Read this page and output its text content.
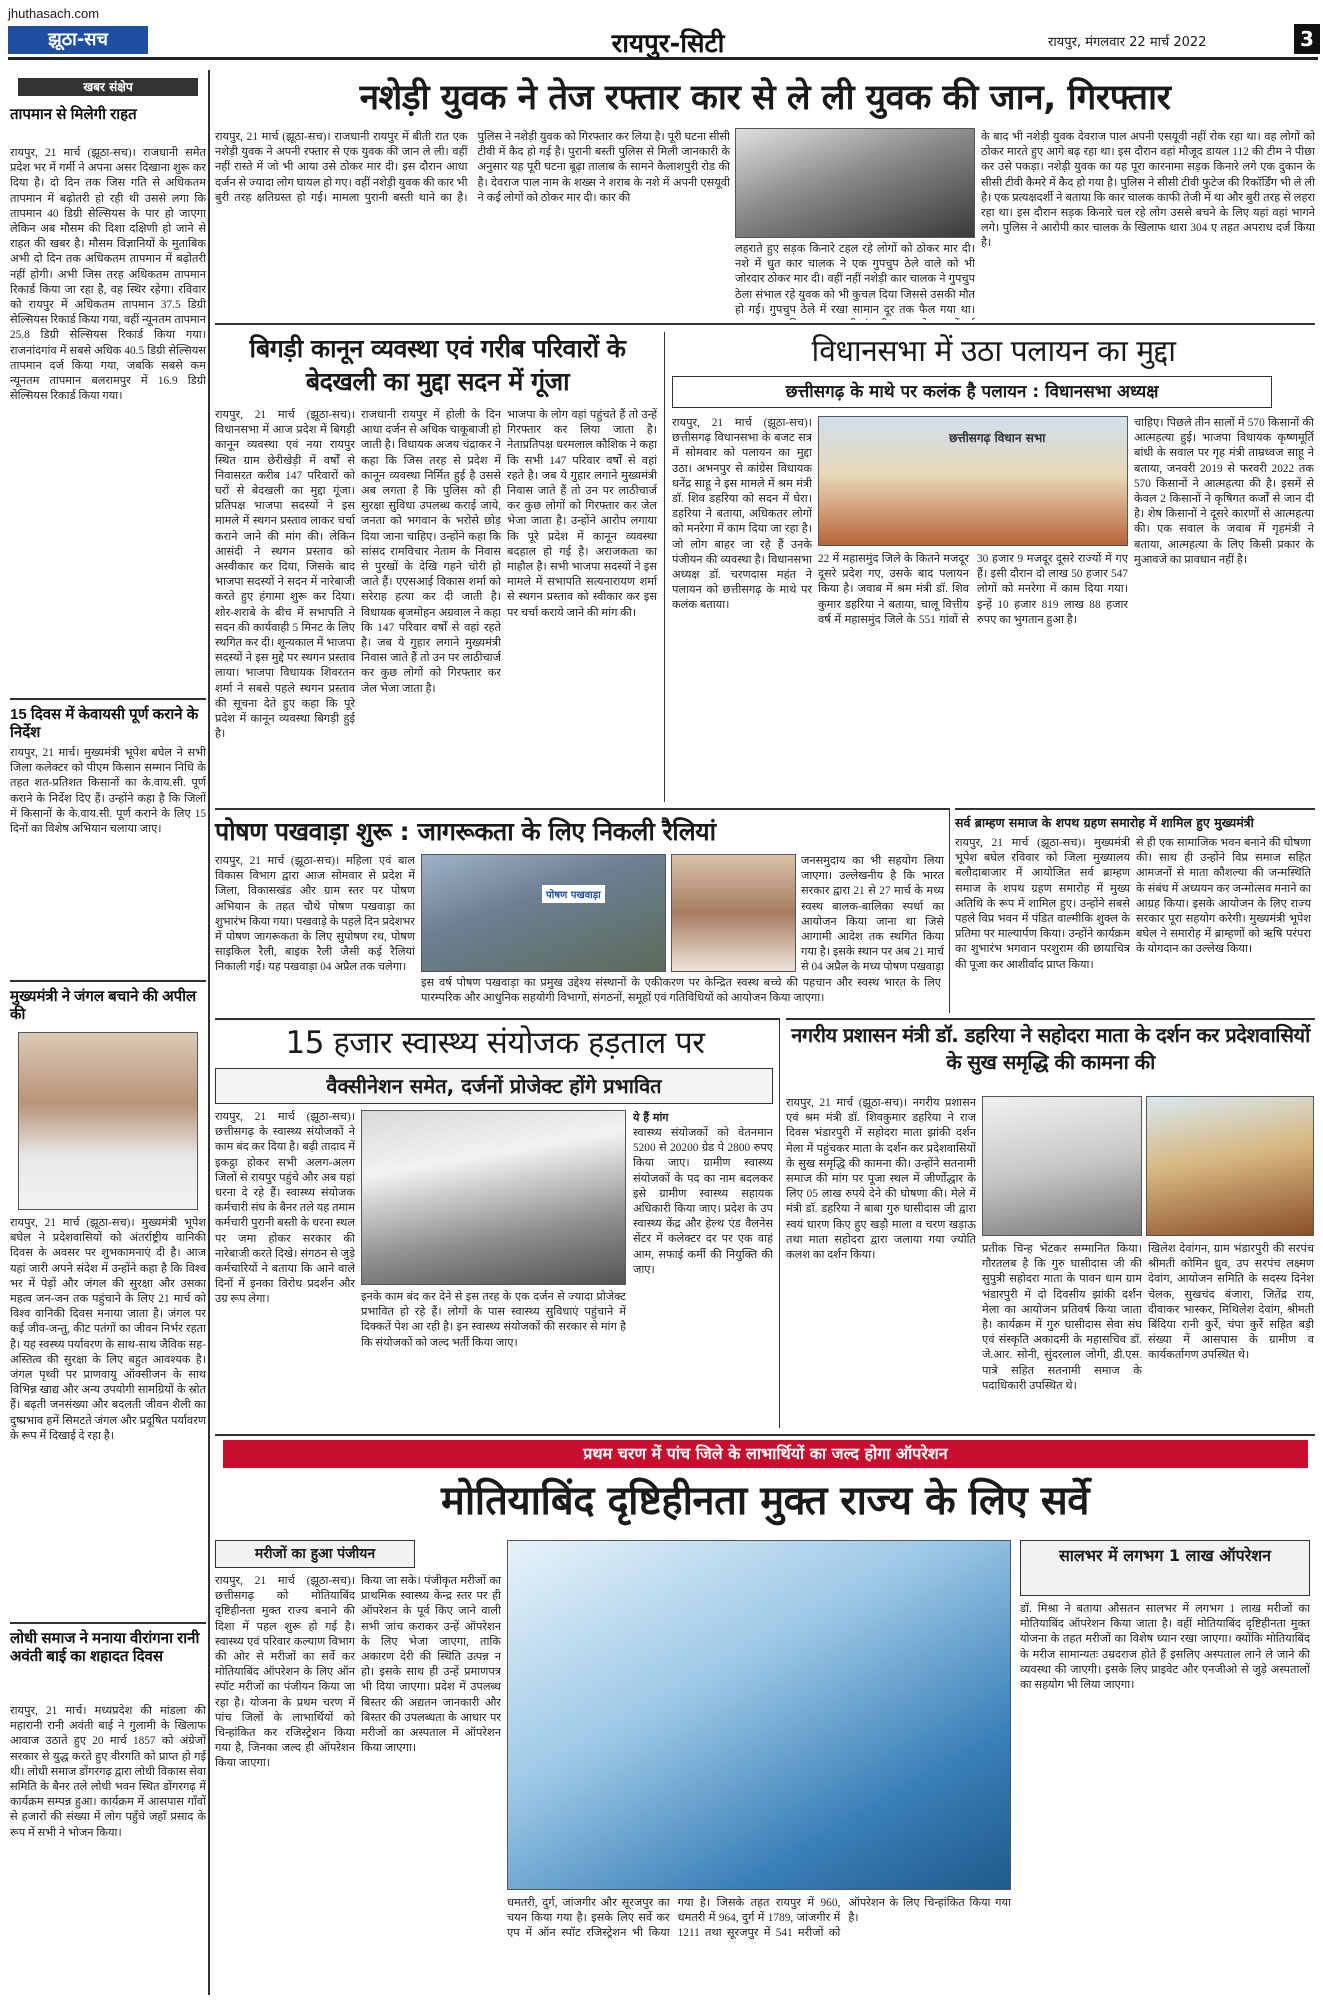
jhuthasach.com
झूठा-सच	रायपुर-सिटी	रायपुर, मंगलवार 22 मार्च 2022	3
खबर संक्षेप
तापमान से मिलेगी राहत
रायपुर, 21 मार्च (झूठा-सच)। राजधानी समेत प्रदेश भर में गर्मी ने अपना असर दिखाना शुरू कर दिया है। दो दिन तक जिस गति से अधिकतम तापमान में बढ़ोतरी हो रही थी उससे लगा कि तापमान 40 डिग्री सेल्सियस के पार हो जाएगा लेकिन अब मौसम की दिशा दक्षिणी हो जाने से राहत की खबर है। मौसम विज्ञानियों के मुताबिक अभी दो दिन तक अधिकतम तापमान में बढ़ोतरी नहीं होगी। अभी जिस तरह अधिकतम तापमान रिकार्ड किया जा रहा है, वह स्थिर रहेगा। रविवार को रायपुर में अधिकतम तापमान 37.5 डिग्री सेल्सियस रिकार्ड किया गया, वहीं न्यूनतम तापमान 25.8 डिग्री सेल्सियस रिकार्ड किया गया। राजनांदगांव में सबसे अधिक 40.5 डिग्री सेल्सियस तापमान दर्ज किया गया, जबकि सबसे कम न्यूनतम तापमान बलरामपुर में 16.9 डिग्री सेल्सियस रिकार्ड किया गया।
15 दिवस में केवायसी पूर्ण कराने के निर्देश
रायपुर, 21 मार्च। मुख्यमंत्री भूपेश बघेल ने सभी जिला कलेक्टर को पीएम किसान सम्मान निधि के तहत शत-प्रतिशत किसानों का के.वाय.सी. पूर्ण कराने के निर्देश दिए हैं। उन्होंने कहा है कि जिलों में किसानों के के.वाय.सी. पूर्ण कराने के लिए 15 दिनों का विशेष अभियान चलाया जाए।
मुख्यमंत्री ने जंगल बचाने की अपील की
रायपुर, 21 मार्च (झूठा-सच)। मुख्यमंत्री भूपेश बघेल ने प्रदेशवासियों को अंतर्राष्ट्रीय वानिकी दिवस के अवसर पर शुभकामनाएं दी है। आज यहां जारी अपने संदेश में उन्होंने कहा है कि विश्व भर में पेड़ों और जंगल की सुरक्षा और उसका महत्व जन-जन तक पहुंचाने के लिए 21 मार्च को विश्व वानिकी दिवस मनाया जाता है। जंगल पर कई जीव-जन्तु, कीट पतंगों का जीवन निर्भर रहता है। यह स्वस्थ्य पर्यावरण के साथ-साथ जैविक सह-अस्तित्व की सुरक्षा के लिए बहुत आवश्यक है। जंगल पृथ्वी पर प्राणवायु ऑक्सीजन के साथ विभिन्न खाद्य और अन्य उपयोगी सामग्रियों के स्रोत हैं। बढ़ती जनसंख्या और बदलती जीवन शैली का दुष्प्रभाव हमें सिमटते जंगल और प्रदूषित पर्यावरण के रूप में दिखाई दे रहा है।
लोधी समाज ने मनाया वीरांगना रानी अवंती बाई का शहादत दिवस
रायपुर, 21 मार्च। मध्यप्रदेश की मांडला की महारानी रानी अवंती बाई ने गुलामी के खिलाफ आवाज उठाते हुए 20 मार्च 1857 को अंग्रेजों सरकार से युद्ध करते हुए वीरगति को प्राप्त हो गई थी। लोधी समाज डोंगरगढ़ द्वारा लोधी विकास सेवा समिति के बैनर तले लोधी भवन स्थित डोंगरगढ़ में कार्यक्रम सम्पन्न हुआ। कार्यक्रम में आसपास गाँवों से हजारों की संख्या में लोग पहुँचे जहाँ प्रसाद के रूप में सभी ने भोजन किया।
नशेड़ी युवक ने तेज रफ्तार कार से ले ली युवक की जान, गिरफ्तार
रायपुर, 21 मार्च (झूठा-सच)। राजधानी रायपुर में बीती रात एक नशेड़ी युवक ने अपनी रफ्तार से एक युवक की जान ले ली। वहीं नहीं रास्ते में जो भी आया उसे ठोकर मार दी। इस दौरान आधा दर्जन से ज्यादा लोग घायल हो गए। वहीं नशेड़ी युवक की कार भी बुरी तरह क्षतिग्रस्त हो गई। मामला पुरानी बस्ती थाने का है। पुलिस ने नशेड़ी युवक को गिरफ्तार कर लिया है। पूरी घटना सीसी टीवी में कैद हो गई है। पुरानी बस्ती पुलिस से मिली जानकारी के अनुसार यह पूरी घटना बूढ़ा तालाब के सामने कैलाशपुरी रोड की है। देवराज पाल नाम के शख्स ने शराब के नशे में अपनी एसयूवी ने कई लोगों को ठोकर मार दी। कार की
लहराते हुए सड़क किनारे टहल रहे लोगों को ठोकर मार दी। नशे में धुत कार चालक ने एक गुपचुप ठेले वाले को भी जोरदार ठोकर मार दी। वहीं नहीं नशेड़ी कार चालक ने गुपचुप ठेला संभाल रहे युवक को भी कुचल दिया जिससे उसकी मौत हो गई। गुपचुप ठेले में रखा सामान दूर तक फैल गया था।
के बाद भी नशेड़ी युवक देवराज पाल अपनी एसयूवी नहीं रोक रहा था। वह लोगों को ठोकर मारते हुए आगे बढ़ रहा था। इस दौरान वहां मौजूद डायल 112 की टीम ने पीछा कर उसे पकड़ा। नशेड़ी युवक का यह पूरा कारनामा सड़क किनारे लगे एक दुकान के सीसी टीवी कैमरे में कैद हो गया है। पुलिस ने सीसी टीवी फुटेज की रिकॉर्डिंग भी ले ली है। एक प्रत्यक्षदर्शी ने बताया कि कार चालक काफी तेजी में था और बुरी तरह से लहरा रहा था। इस दौरान सड़क किनारे चल रहे लोग उससे बचने के लिए यहां वहां भागने लगे। पुलिस ने आरोपी कार चालक के खिलाफ धारा 304 ए तहत अपराध दर्ज किया है।
बिगड़ी कानून व्यवस्था एवं गरीब परिवारों के बेदखली का मुद्दा सदन में गूंजा
रायपुर, 21 मार्च (झूठा-सच)। विधानसभा में आज प्रदेश में बिगड़ी कानून व्यवस्था एवं नया रायपुर स्थित ग्राम छेरीखेड़ी में वर्षों से निवासरत करीब 147 परिवारों को घरों से बेदखली का मुद्दा गूंजा। प्रतिपक्ष भाजपा सदस्यों ने इस मामले में स्थगन प्रस्ताव लाकर चर्चा कराने जाने की मांग की। लेकिन आसंदी ने स्थगन प्रस्ताव को अस्वीकार कर दिया, जिसके बाद भाजपा सदस्यों ने सदन में नारेबाजी करते हुए हंगामा शुरू कर दिया। शोर-शराबे के बीच में सभापति ने सदन की कार्यवाही 5 मिनट के लिए स्थगित कर दी। शून्यकाल में भाजपा सदस्यों ने इस मुद्दे पर स्थगन प्रस्ताव लाया। भाजपा विधायक शिवरतन शर्मा ने सबसे पहले स्थगन प्रस्ताव की सूचना देते हुए कहा कि पूरे प्रदेश में कानून व्यवस्था बिगड़ी हुई है।
राजधानी रायपुर में होली के दिन आधा दर्जन से अधिक चाकूबाजी हो जाती है। विधायक अजय चंद्राकर ने कहा कि जिस तरह से प्रदेश में कानून व्यवस्था निर्मित हुई है उससे अब लगता है कि पुलिस को ही सुरक्षा सुविधा उपलब्ध कराई जाये, जनता को भगवान के भरोसे छोड़ दिया जाना चाहिए। उन्होंने कहा कि सांसद रामविचार नेताम के निवास से पुरखों के देखि गहने चोरी हो जाते हैं। एएसआई विकास शर्मा को सरेराह हत्या कर दी जाती है। विधायक बृजमोहन अग्रवाल ने कहा कि 147 परिवार वर्षों से वहां रहते है। जब ये गुहार लगाने मुख्यमंत्री निवास जाते हैं तो उन पर लाठीचार्ज कर कुछ लोगों को गिरफ्तार कर जेल भेजा जाता है।
भाजपा के लोग वहां पहुंचते हैं तो उन्हें गिरफ्तार कर लिया जाता है। नेताप्रतिपक्ष धरमलाल कौशिक ने कहा कि सभी 147 परिवार वर्षों से वहां रहते है। जब ये गुहार लगाने मुख्यमंत्री निवास जाते हैं तो उन पर लाठीचार्ज कर कुछ लोगों को गिरफ्तार कर जेल भेजा जाता है। उन्होंने आरोप लगाया कि पूरे प्रदेश में कानून व्यवस्था बदहाल हो गई है। अराजकता का माहौल है। सभी भाजपा सदस्यों ने इस मामले में सभापति सत्यनारायण शर्मा से स्थगन प्रस्ताव को स्वीकार कर इस पर चर्चा कराये जाने की मांग की।
विधानसभा में उठा पलायन का मुद्दा
छत्तीसगढ़ के माथे पर कलंक है पलायन : विधानसभा अध्यक्ष
रायपुर, 21 मार्च (झूठा-सच)। छत्तीसगढ़ विधानसभा के बजट सत्र में सोमवार को पलायन का मुद्दा उठा। अभनपुर से कांग्रेस विधायक धनेंद्र साहू ने इस मामले में श्रम मंत्री डॉ. शिव डहरिया को सदन में घेरा। डहरिया ने बताया, अधिकतर लोगों को मनरेगा में काम दिया जा रहा है। जो लोग बाहर जा रहे हैं उनके पंजीयन की व्यवस्था है। विधानसभा अध्यक्ष डॉ. चरणदास महंत ने पलायन को छत्तीसगढ़ के माथे पर कलंक बताया।
छत्तीसगढ़ विधान सभा
22 में महासमुंद जिले के कितने मजदूर दूसरे प्रदेश गए, उसके बाद पलायन किया है। जवाब में श्रम मंत्री डॉ. शिव कुमार डहरिया ने बताया, चालू वित्तीय वर्ष में महासमुंद जिले के 551 गांवों से 30 हजार 9 मजदूर दूसरे राज्यों में गए हैं। इसी दौरान दो लाख 50 हजार 547 लोगों को मनरेगा में काम दिया गया। इन्हें 10 हजार 819 लाख 88 हजार रुपए का भुगतान हुआ है।
चाहिए। पिछले तीन सालों में 570 किसानों की आत्महत्या हुई। भाजपा विधायक कृष्णमूर्ति बांधी के सवाल पर गृह मंत्री ताम्रध्वज साहू ने बताया, जनवरी 2019 से फरवरी 2022 तक 570 किसानों ने आत्महत्या की है। इसमें से केवल 2 किसानों ने कृषिगत कर्जों से जान दी है। शेष किसानों ने दूसरे कारणों से आत्महत्या की। एक सवाल के जवाब में गृहमंत्री ने बताया, आत्महत्या के लिए किसी प्रकार के मुआवजे का प्रावधान नहीं है।
पोषण पखवाड़ा शुरू : जागरूकता के लिए निकली रैलियां
रायपुर, 21 मार्च (झूठा-सच)। महिला एवं बाल विकास विभाग द्वारा आज सोमवार से प्रदेश में जिला, विकासखंड और ग्राम स्तर पर पोषण अभियान के तहत चौथे पोषण पखवाड़ा का शुभारंभ किया गया। पखवाड़े के पहले दिन प्रदेशभर में पोषण जागरूकता के लिए सुपोषण रथ, पोषण साइकिल रैली, बाइक रैली जैसी कई रैलियां निकाली गई। यह पखवाड़ा 04 अप्रैल तक चलेगा।
पोषण पखवाड़ा
इस वर्ष पोषण पखवाड़ा का प्रमुख उद्देश्य संस्थानों के एकीकरण पर केन्द्रित स्वस्थ बच्चे की पहचान और स्वस्थ भारत के लिए पारम्परिक और आधुनिक सहयोगी विभागों, संगठनों, समूहों एवं गतिविधियों को आयोजन किया जाएगा।
जनसमुदाय का भी सहयोग लिया जाएगा। उल्लेखनीय है कि भारत सरकार द्वारा 21 से 27 मार्च के मध्य स्वस्थ बालक-बालिका स्पर्धा का आयोजन किया जाना था जिसे आगामी आदेश तक स्थगित किया गया है। इसके स्थान पर अब 21 मार्च से 04 अप्रैल के मध्य पोषण पखवाड़ा
सर्व ब्राम्हण समाज के शपथ ग्रहण समारोह में शामिल हुए मुख्यमंत्री
रायपुर, 21 मार्च (झूठा-सच)। मुख्यमंत्री भूपेश बघेल रविवार को जिला मुख्यालय बलौदाबाजार में आयोजित सर्व ब्राम्हण समाज के शपथ ग्रहण समारोह में मुख्य अतिथि के रूप में शामिल हुए। उन्होंने सबसे पहले विप्र भवन में पंडित वाल्मीकि शुक्ल के प्रतिमा पर माल्यार्पण किया। उन्होंने कार्यक्रम का शुभारंभ भगवान परशुराम की छायाचित्र की पूजा कर आशीर्वाद प्राप्त किया।
से ही एक सामाजिक भवन बनाने की घोषणा की। साथ ही उन्होंने विप्र समाज सहित आमजनों से माता कौशल्या की जन्मस्थिति के संबंध में अध्ययन कर जन्मोत्सव मनाने का आग्रह किया। इसके आयोजन के लिए राज्य सरकार पूरा सहयोग करेगी। मुख्यमंत्री भूपेश बघेल ने समारोह में ब्राम्हणों को ऋषि परंपरा के योगदान का उल्लेख किया।
15 हजार स्वास्थ्य संयोजक हड़ताल पर
वैक्सीनेशन समेत, दर्जनों प्रोजेक्ट होंगे प्रभावित
रायपुर, 21 मार्च (झूठा-सच)। छत्तीसगढ़ के स्वास्थ्य संयोजकों ने काम बंद कर दिया है। बढ़ी तादाद में इकट्ठा होकर सभी अलग-अलग जिलों से रायपुर पहुंचे और अब यहां धरना दे रहे हैं। स्वास्थ्य संयोजक कर्मचारी संघ के बैनर तले यह तमाम कर्मचारी पुरानी बस्ती के धरना स्थल पर जमा होकर सरकार की नारेबाजी करते दिखे। संगठन से जुड़े कर्मचारियों ने बताया कि आने वाले दिनों में इनका विरोध प्रदर्शन और उग्र रूप लेगा।	इनके काम बंद कर देने से इस तरह के एक दर्जन से ज्यादा प्रोजेक्ट प्रभावित हो रहे हैं। लोगों के पास स्वास्थ्य सुविधाएं पहुंचाने में दिक्कतें पेश आ रही है। इन स्वास्थ्य संयोजकों की सरकार से मांग है कि संयोजकों को जल्द भर्ती किया जाए।
ये हैं मांग
स्वास्थ्य संयोजकों को वेतनमान 5200 से 20200 ग्रेड पे 2800 रुपए किया जाए। ग्रामीण स्वास्थ्य संयोजकों के पद का नाम बदलकर इसे ग्रामीण स्वास्थ्य सहायक अधिकारी किया जाए। प्रदेश के उप स्वास्थ्य केंद्र और हेल्थ एंड वैलनेस सेंटर में कलेक्टर दर पर एक वाहं आम, सफाई कर्मी की नियुक्ति की जाए।
नगरीय प्रशासन मंत्री डॉ. डहरिया ने सहोदरा माता के दर्शन कर प्रदेशवासियों के सुख समृद्धि की कामना की
रायपुर, 21 मार्च (झूठा-सच)। नगरीय प्रशासन एवं श्रम मंत्री डॉ. शिवकुमार डहरिया ने राज दिवस भंडारपुरी में सहोदरा माता झांकी दर्शन मेला में पहुंचकर माता के दर्शन कर प्रदेशवासियों के सुख समृद्धि की कामना की। उन्होंने सतनामी समाज की मांग पर पूजा स्थल में जीर्णोद्धार के लिए 05 लाख रुपये देने की घोषणा की। मेले में मंत्री डॉ. डहरिया ने बाबा गुरु घासीदास जी द्वारा स्वयं धारण किए हुए खड़ौ माला व चरण खड़ाऊ तथा माता सहोदरा द्वारा जलाया गया ज्योति कलश का दर्शन किया।
प्रतीक चिन्ह भेंटकर सम्मानित किया। गौरतलब है कि गुरु घासीदास जी की सुपुत्री सहोदरा माता के पावन धाम ग्राम भंडारपुरी में दो दिवसीय झांकी दर्शन मेला का आयोजन प्रतिवर्ष किया जाता है। कार्यक्रम में गुरु घासीदास सेवा संघ एवं संस्कृति अकादमी के महासचिव डॉ. जे.आर. सोनी, सुंदरलाल जोगी, डी.एस. पात्रे सहित सतनामी समाज के पदाधिकारी उपस्थित थे।
खिलेश देवांगन, ग्राम भंडारपुरी की सरपंच श्रीमती कोमिन ध्रुव, उप सरपंच लक्ष्मण देवांग, आयोजन समिति के सदस्य दिनेश चेलक, सुखचंद बंजारा, जितेंद्र राय, दीवाकर भास्कर, मिथिलेश देवांग, श्रीमती बिंदिया रानी कुर्रे, चंपा कुर्रे सहित बड़ी संख्या में आसपास के ग्रामीण व कार्यकर्तागण उपस्थित थे।
प्रथम चरण में पांच जिले के लाभार्थियों का जल्द होगा ऑपरेशन
मोतियाबिंद दृष्टिहीनता मुक्त राज्य के लिए सर्वे
मरीजों का हुआ पंजीयन
रायपुर, 21 मार्च (झूठा-सच)। छत्तीसगढ़ को मोतियाबिंद दृष्टिहीनता मुक्त राज्य बनाने की दिशा में पहल शुरू हो गई है। स्वास्थ्य एवं परिवार कल्याण विभाग की ओर से मरीजों का सर्वे कर मोतियाबिंद ऑपरेशन के लिए ऑन स्पॉट मरीजों का पंजीयन किया जा रहा है। योजना के प्रथम चरण में पांच जिलों के लाभार्थियों को चिन्हांकित कर रजिस्ट्रेशन किया गया है, जिनका जल्द ही ऑपरेशन किया जाएगा।
किया जा सके। पंजीकृत मरीजों का प्राथमिक स्वास्थ्य केन्द्र स्तर पर ही ऑपरेशन के पूर्व किए जाने वाली सभी जांच कराकर उन्हें ऑपरेशन के लिए भेजा जाएगा, ताकि अकारण देरी की स्थिति उत्पन्न न हो। इसके साथ ही उन्हें प्रमाणपत्र भी दिया जाएगा। प्रदेश में उपलब्ध बिस्तर की अद्यतन जानकारी और बिस्तर की उपलब्धता के आधार पर मरीजों का अस्पताल में ऑपरेशन किया जाएगा।
धमतरी, दुर्ग, जांजगीर और सूरजपुर का चयन किया गया है। इसके लिए सर्वे कर एप में ऑन स्पॉट रजिस्ट्रेशन भी किया गया है। जिसके तहत रायपुर में 960, धमतरी में 964, दुर्ग में 1789, जांजगीर में 1211 तथा सूरजपुर में 541 मरीजों को ऑपरेशन के लिए चिन्हांकित किया गया है।
सालभर में लगभग 1 लाख ऑपरेशन
डॉ. मिश्रा ने बताया औसतन सालभर में लगभग 1 लाख मरीजों का मोतियाबिंद ऑपरेशन किया जाता है। वहीं मोतियाबिंद दृष्टिहीनता मुक्त योजना के तहत मरीजों का विशेष ध्यान रखा जाएगा। क्योंकि मोतियाबिंद के मरीज सामान्यतः उम्रदराज होते हैं इसलिए अस्पताल लाने ले जाने की व्यवस्था की जाएगी। इसके लिए प्राइवेट और एनजीओ से जुड़े अस्पतालों का सहयोग भी लिया जाएगा।
